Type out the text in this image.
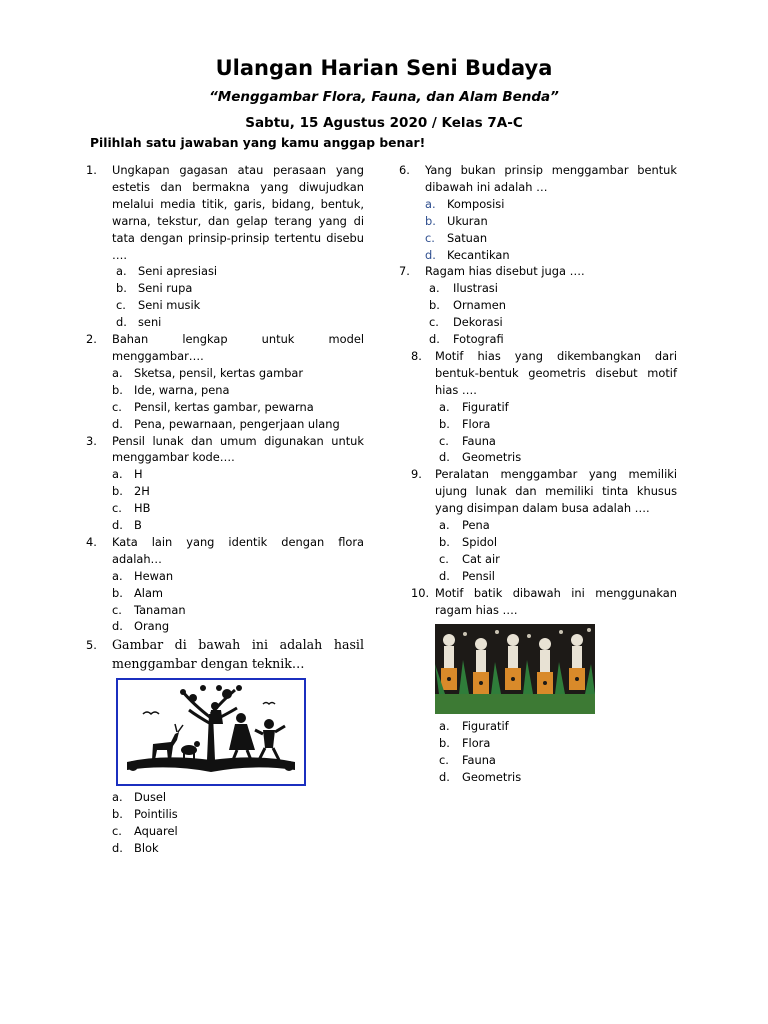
Ulangan Harian Seni Budaya
“Menggambar Flora, Fauna, dan Alam Benda”
Sabtu, 15 Agustus 2020 / Kelas 7A-C
Pilihlah satu jawaban yang kamu anggap benar!
1. Ungkapan gagasan atau perasaan yang estetis dan bermakna yang diwujudkan melalui media titik, garis, bidang, bentuk, warna, tekstur, dan gelap terang yang di tata dengan prinsip-prinsip tertentu disebu ….
a. Seni apresiasi
b. Seni rupa
c. Seni musik
d. seni
2. Bahan lengkap untuk model menggambar….
a. Sketsa, pensil, kertas gambar
b. Ide, warna, pena
c. Pensil, kertas gambar, pewarna
d. Pena, pewarnaan, pengerjaan ulang
3. Pensil lunak dan umum digunakan untuk menggambar kode….
a. H
b. 2H
c. HB
d. B
4. Kata lain yang identik dengan flora adalah…
a. Hewan
b. Alam
c. Tanaman
d. Orang
5. Gambar di bawah ini adalah hasil menggambar dengan teknik…
a. Dusel
b. Pointilis
c. Aquarel
d. Blok
6. Yang bukan prinsip menggambar bentuk dibawah ini adalah …
a. Komposisi
b. Ukuran
c. Satuan
d. Kecantikan
7. Ragam hias disebut juga ….
a. Ilustrasi
b. Ornamen
c. Dekorasi
d. Fotografi
8. Motif hias yang dikembangkan dari bentuk-bentuk geometris disebut motif hias ….
a. Figuratif
b. Flora
c. Fauna
d. Geometris
9. Peralatan menggambar yang memiliki ujung lunak dan memiliki tinta khusus yang disimpan dalam busa adalah ….
a. Pena
b. Spidol
c. Cat air
d. Pensil
10. Motif batik dibawah ini menggunakan ragam hias ….
a. Figuratif
b. Flora
c. Fauna
d. Geometris
